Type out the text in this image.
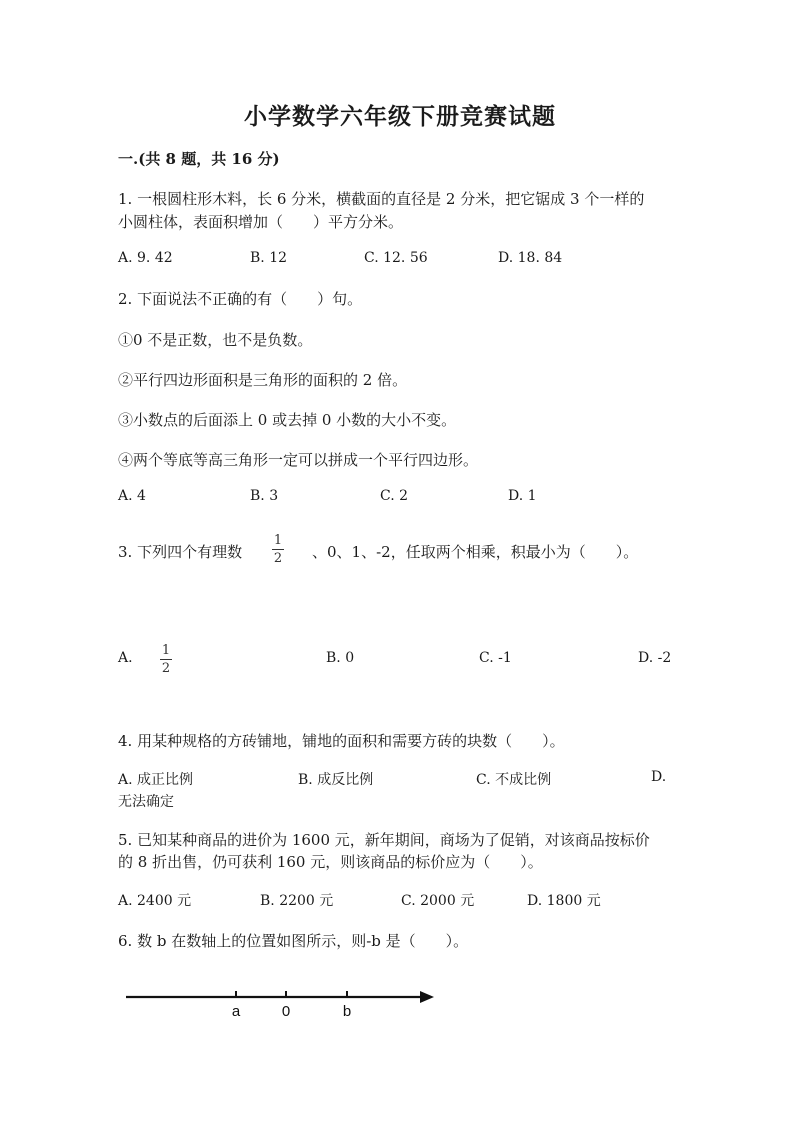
小学数学六年级下册竞赛试题
一.(共 8 题，共 16 分)
1. 一根圆柱形木料，长 6 分米，横截面的直径是 2 分米，把它锯成 3 个一样的
小圆柱体，表面积增加（　　）平方分米。
A. 9. 42	B. 12	C. 12. 56	D. 18. 84
2. 下面说法不正确的有（　　）句。
①0 不是正数，也不是负数。
②平行四边形面积是三角形的面积的 2 倍。
③小数点的后面添上 0 或去掉 0 小数的大小不变。
④两个等底等高三角形一定可以拼成一个平行四边形。
A. 4	B. 3	C. 2	D. 1
3. 下列四个有理数
1
2 、0、1、-2，任取两个相乘，积最小为（　　）。
A. 1
2
B. 0	C. -1	D. -2
4. 用某种规格的方砖铺地，铺地的面积和需要方砖的块数（　　）。
A. 成正比例	B. 成反比例	C. 不成比例	D.
无法确定
5. 已知某种商品的进价为 1600 元，新年期间，商场为了促销，对该商品按标价
的 8 折出售，仍可获利 160 元，则该商品的标价应为（　　）。
A. 2400 元	B. 2200 元	C. 2000 元	D. 1800 元
6. 数 b 在数轴上的位置如图所示，则-b 是（　　）。
a	0	b
